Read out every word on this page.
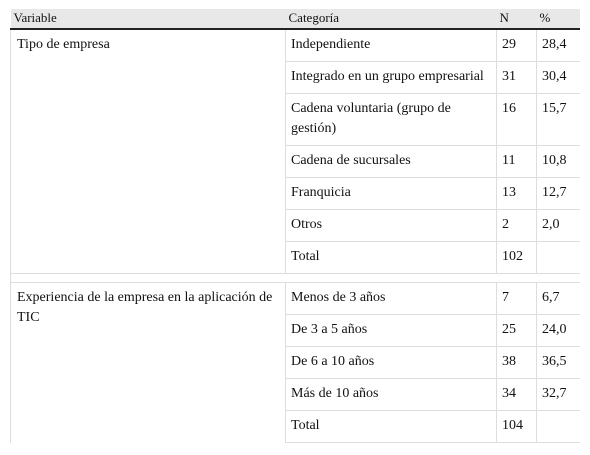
Variable	Categoría	N	%
Tipo de empresa	Independiente	29	28,4
	Integrado en un grupo empresarial	31	30,4
	Cadena voluntaria (grupo de gestión)	16	15,7
	Cadena de sucursales	11	10,8
	Franquicia	13	12,7
	Otros	2	2,0
	Total	102	

Experiencia de la empresa en la aplicación de TIC	Menos de 3 años	7	6,7
	De 3 a 5 años	25	24,0
	De 6 a 10 años	38	36,5
	Más de 10 años	34	32,7
	Total	104	
